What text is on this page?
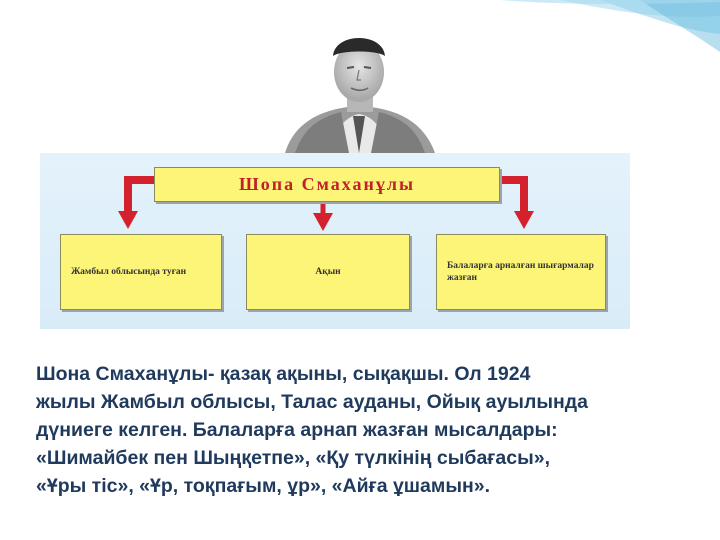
Шопа Смаханұлы
Жамбыл облысында туған	Ақын
Балаларға арналған шығармалар жазған
Шона Смаханұлы- қазақ ақыны, сықақшы. Ол 1924
жылы Жамбыл облысы, Талас ауданы, Ойық ауылында
дүниеге келген. Балаларға арнап жазған мысалдары:
«Шимайбек пен Шыңқетпе», «Қу түлкінің сыбағасы»,
«Ұры тіс», «Ұр, тоқпағым, ұр», «Айға ұшамын».
